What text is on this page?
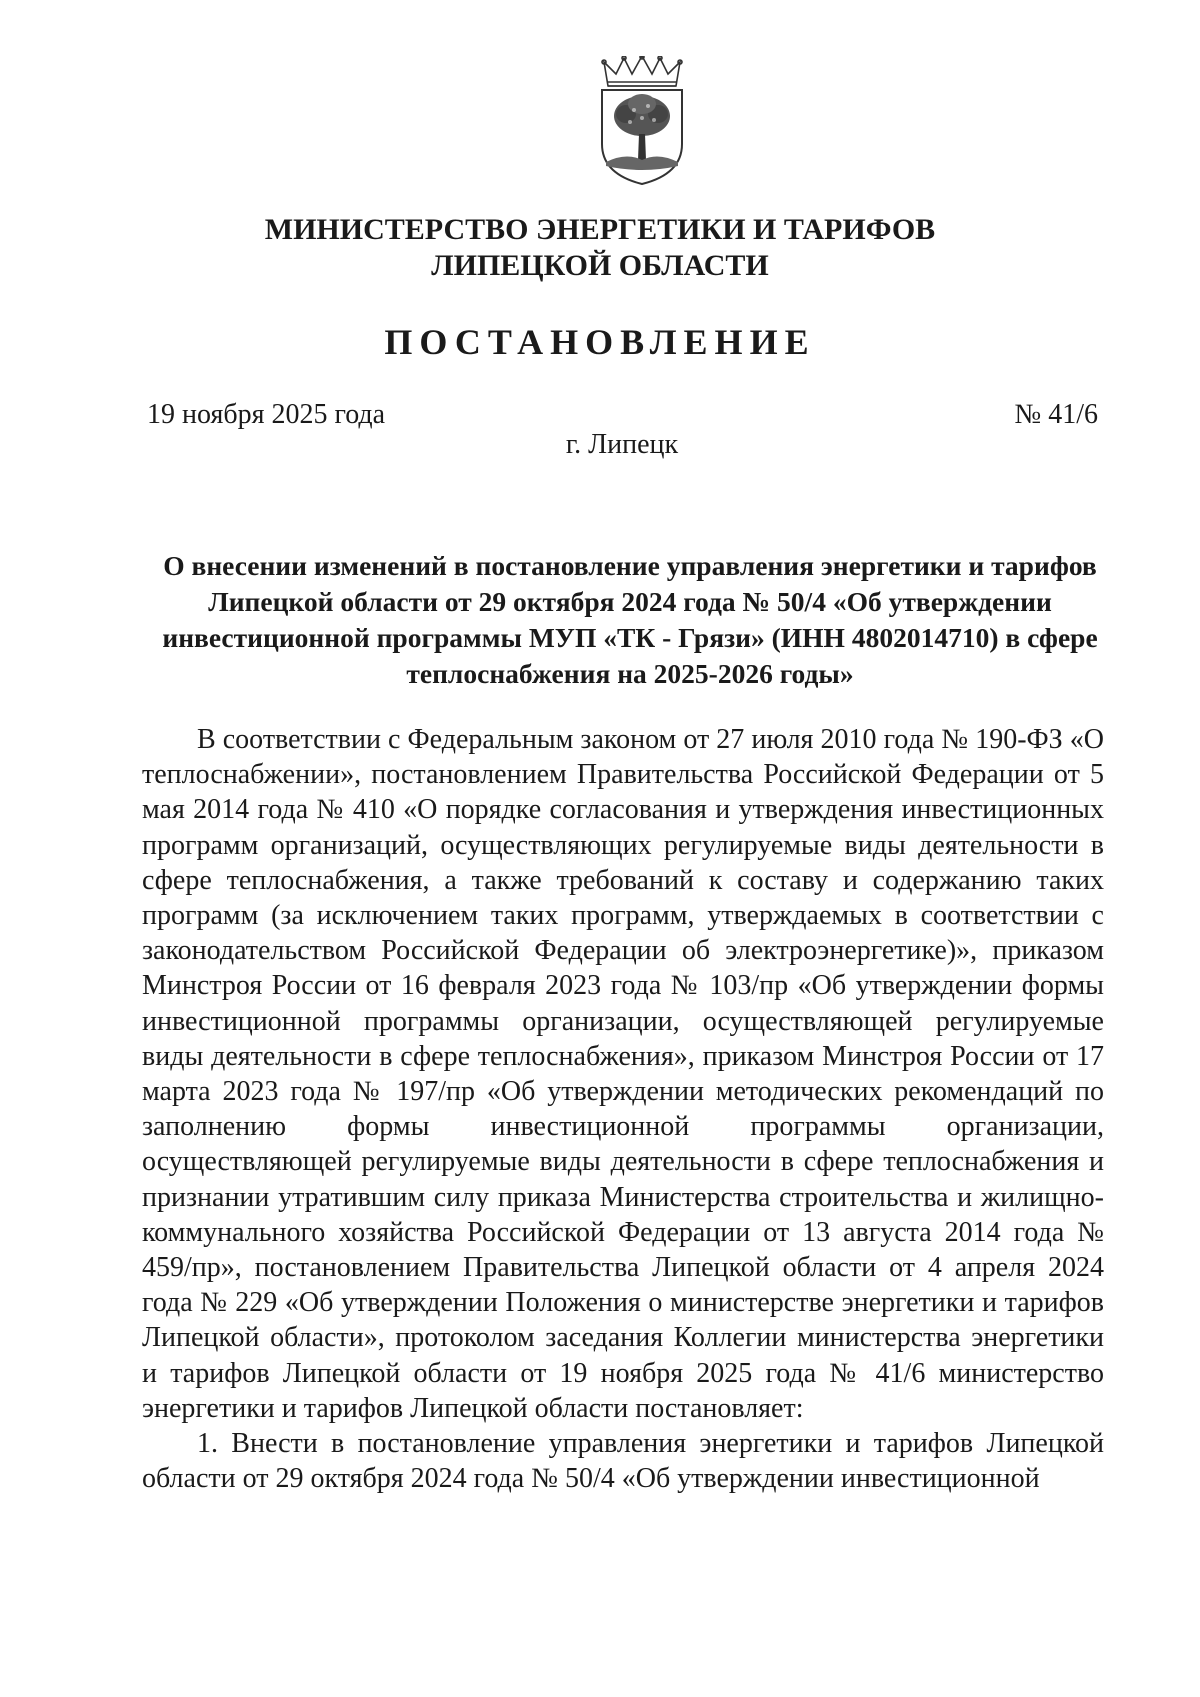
МИНИСТЕРСТВО ЭНЕРГЕТИКИ И ТАРИФОВ
ЛИПЕЦКОЙ ОБЛАСТИ
ПОСТАНОВЛЕНИЕ
19 ноября 2025 года	№ 41/6
г. Липецк
О внесении изменений в постановление управления энергетики и тарифов
Липецкой области от 29 октября 2024 года № 50/4 «Об утверждении
инвестиционной программы МУП «ТК - Грязи» (ИНН 4802014710) в сфере
теплоснабжения на 2025-2026 годы»

В соответствии с Федеральным законом от 27 июля 2010 года № 190-ФЗ «О теплоснабжении», постановлением Правительства Российской Федерации от 5 мая 2014 года № 410 «О порядке согласования и утверждения инвестиционных программ организаций, осуществляющих регулируемые виды деятельности в сфере теплоснабжения, а также требований к составу и содержанию таких программ (за исключением таких программ, утверждаемых в соответствии с законодательством Российской Федерации об электроэнергетике)», приказом Минстроя России от 16 февраля 2023 года № 103/пр «Об утверждении формы инвестиционной программы организации, осуществляющей регулируемые виды деятельности в сфере теплоснабжения», приказом Минстроя России от 17 марта 2023 года № 197/пр «Об утверждении методических рекомендаций по заполнению формы инвестиционной программы организации, осуществляющей регулируемые виды деятельности в сфере теплоснабжения и признании утратившим силу приказа Министерства строительства и жилищно-коммунального хозяйства Российской Федерации от 13 августа 2014 года № 459/пр», постановлением Правительства Липецкой области от 4 апреля 2024 года № 229 «Об утверждении Положения о министерстве энергетики и тарифов Липецкой области», протоколом заседания Коллегии министерства энергетики и тарифов Липецкой области от 19 ноября 2025 года № 41/6 министерство энергетики и тарифов Липецкой области постановляет:

1. Внести в постановление управления энергетики и тарифов Липецкой области от 29 октября 2024 года № 50/4 «Об утверждении инвестиционной
